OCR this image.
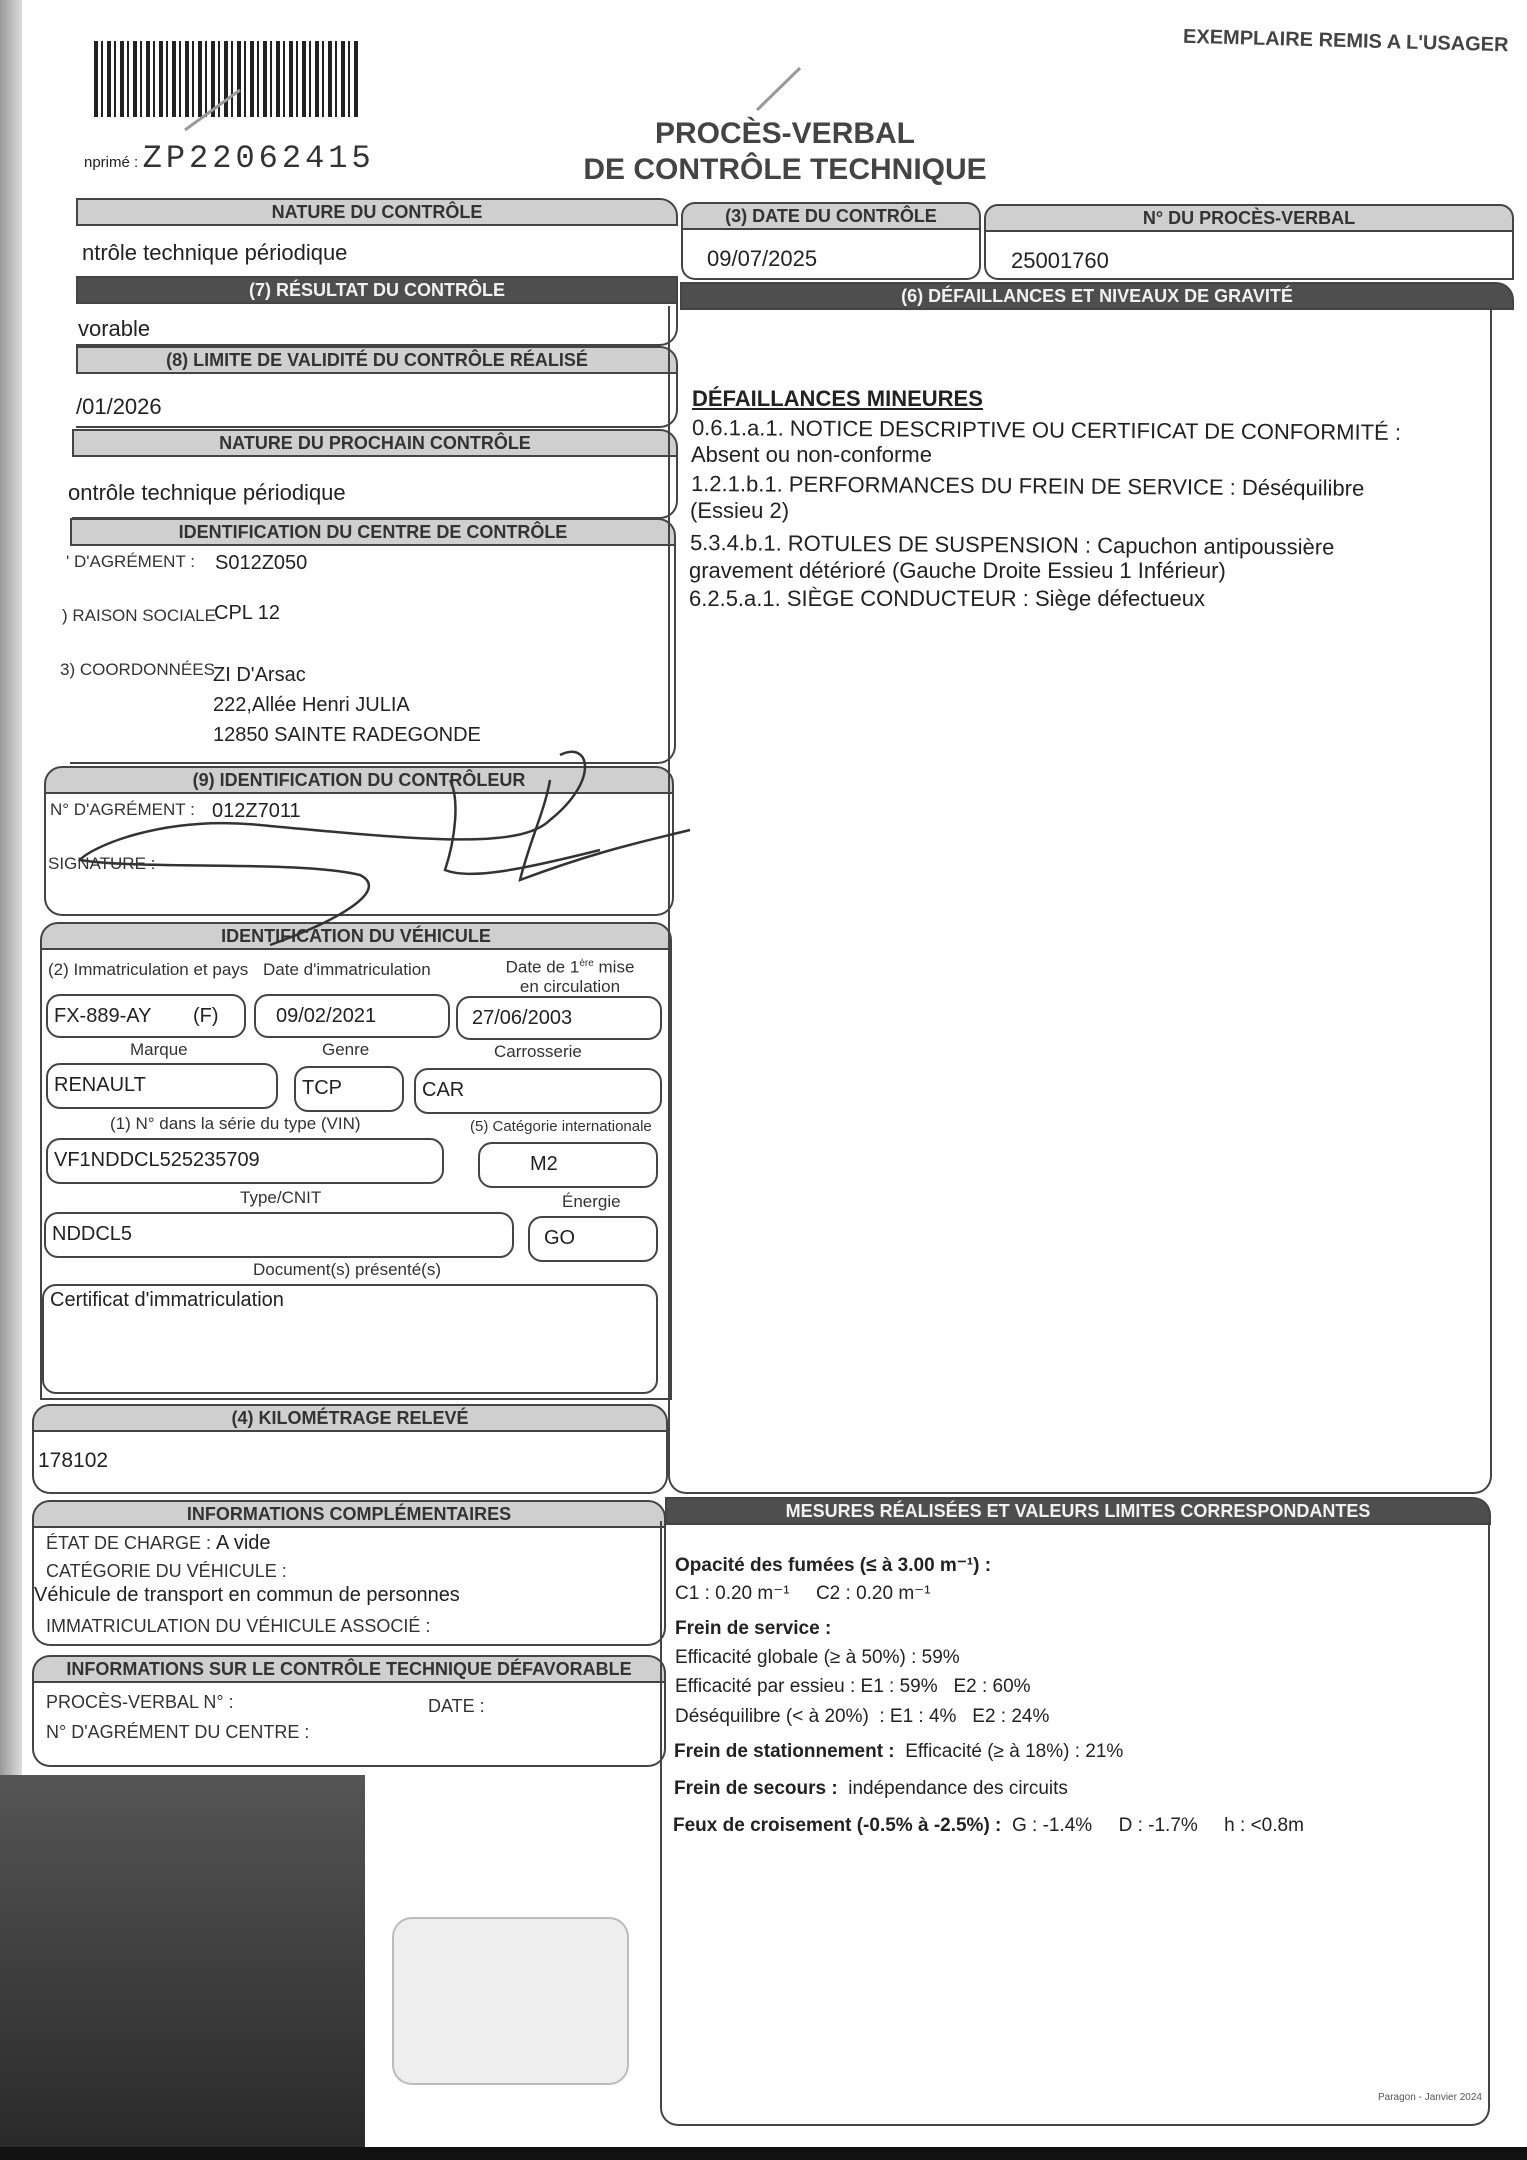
EXEMPLAIRE REMIS A L'USAGER
nprimé : ZP22062415
PROCÈS-VERBAL
DE CONTRÔLE TECHNIQUE
NATURE DU CONTRÔLE
ntrôle technique périodique
(3) DATE DU CONTRÔLE
09/07/2025
N° DU PROCÈS-VERBAL
25001760
(7) RÉSULTAT DU CONTRÔLE
vorable
(8) LIMITE DE VALIDITÉ DU CONTRÔLE RÉALISÉ
/01/2026
NATURE DU PROCHAIN CONTRÔLE
ontrôle technique périodique
IDENTIFICATION DU CENTRE DE CONTRÔLE
' D'AGRÉMENT : S012Z050
) RAISON SOCIALE
CPL 12
3) COORDONNÉES
ZI D'Arsac
222,Allée Henri JULIA
12850 SAINTE RADEGONDE
(9) IDENTIFICATION DU CONTRÔLEUR
N° D'AGRÉMENT : 012Z7011
SIGNATURE :
IDENTIFICATION DU VÉHICULE
(2) Immatriculation et pays Date d'immatriculation	Date de 1ère mise
en circulation
FX-889-AY (F)	09/02/2021	27/06/2003
Marque	Genre	Carrosserie
RENAULT	TCP	CAR
(1) N° dans la série du type (VIN)	(5) Catégorie internationale
VF1NDDCL525235709	M2
Type/CNIT	Énergie
NDDCL5	GO
Document(s) présenté(s)
Certificat d'immatriculation
(4) KILOMÉTRAGE RELEVÉ
178102
INFORMATIONS COMPLÉMENTAIRES
ÉTAT DE CHARGE : A vide
CATÉGORIE DU VÉHICULE :
Véhicule de transport en commun de personnes
IMMATRICULATION DU VÉHICULE ASSOCIÉ :
INFORMATIONS SUR LE CONTRÔLE TECHNIQUE DÉFAVORABLE
PROCÈS-VERBAL N° :	DATE :
N° D'AGRÉMENT DU CENTRE :
(6) DÉFAILLANCES ET NIVEAUX DE GRAVITÉ
DÉFAILLANCES MINEURES
0.6.1.a.1. NOTICE DESCRIPTIVE OU CERTIFICAT DE CONFORMITÉ :
Absent ou non-conforme
1.2.1.b.1. PERFORMANCES DU FREIN DE SERVICE : Déséquilibre
(Essieu 2)
5.3.4.b.1. ROTULES DE SUSPENSION : Capuchon antipoussière
gravement détérioré (Gauche Droite Essieu 1 Inférieur)
6.2.5.a.1. SIÈGE CONDUCTEUR : Siège défectueux
MESURES RÉALISÉES ET VALEURS LIMITES CORRESPONDANTES
Opacité des fumées (≤ à 3.00 m⁻¹) :
C1 : 0.20 m⁻¹     C2 : 0.20 m⁻¹
Frein de service :
Efficacité globale (≥ à 50%) : 59%
Efficacité par essieu : E1 : 59%   E2 : 60%
Déséquilibre (< à 20%)  : E1 : 4%   E2 : 24%
Frein de stationnement : Efficacité (≥ à 18%) : 21%
Frein de secours : indépendance des circuits
Feux de croisement (-0.5% à -2.5%) : G : -1.4%     D : -1.7%     h : <0.8m
Paragon - Janvier 2024
